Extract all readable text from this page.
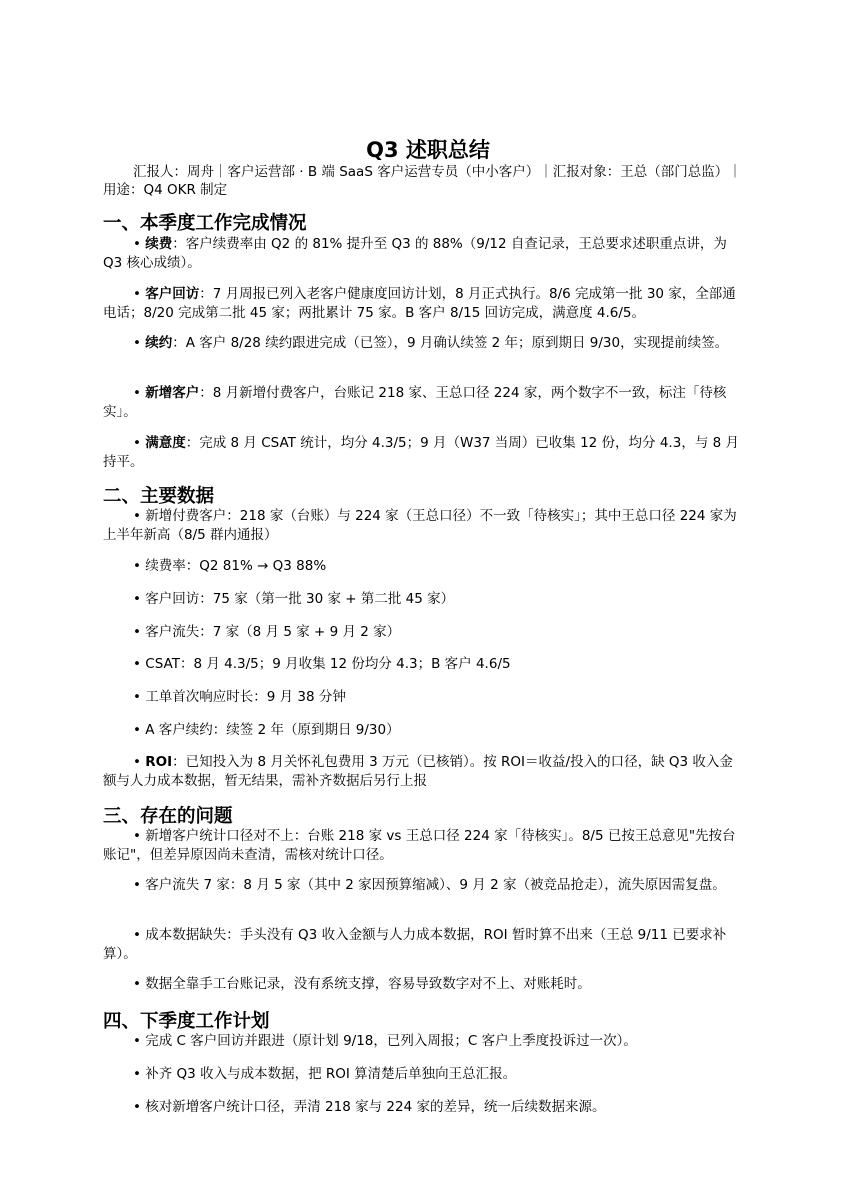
Q3 述职总结

汇报人：周舟｜客户运营部 · B 端 SaaS 客户运营专员（中小客户）｜汇报对象：王总（部门总监）｜用途：Q4 OKR 制定

一、本季度工作完成情况

• 续费：客户续费率由 Q2 的 81% 提升至 Q3 的 88%（9/12 自查记录，王总要求述职重点讲，为 Q3 核心成绩）。

• 客户回访：7 月周报已列入老客户健康度回访计划，8 月正式执行。8/6 完成第一批 30 家，全部通电话；8/20 完成第二批 45 家；两批累计 75 家。B 客户 8/15 回访完成，满意度 4.6/5。

• 续约：A 客户 8/28 续约跟进完成（已签），9 月确认续签 2 年；原到期日 9/30，实现提前续签。

• 新增客户：8 月新增付费客户，台账记 218 家、王总口径 224 家，两个数字不一致，标注「待核实」。

• 满意度：完成 8 月 CSAT 统计，均分 4.3/5；9 月（W37 当周）已收集 12 份，均分 4.3，与 8 月持平。

二、主要数据

• 新增付费客户：218 家（台账）与 224 家（王总口径）不一致「待核实」；其中王总口径 224 家为上半年新高（8/5 群内通报）

• 续费率：Q2 81% → Q3 88%

• 客户回访：75 家（第一批 30 家 + 第二批 45 家）

• 客户流失：7 家（8 月 5 家 + 9 月 2 家）

• CSAT：8 月 4.3/5；9 月收集 12 份均分 4.3；B 客户 4.6/5

• 工单首次响应时长：9 月 38 分钟

• A 客户续约：续签 2 年（原到期日 9/30）

• ROI：已知投入为 8 月关怀礼包费用 3 万元（已核销）。按 ROI＝收益/投入的口径，缺 Q3 收入金额与人力成本数据，暂无结果，需补齐数据后另行上报

三、存在的问题

• 新增客户统计口径对不上：台账 218 家 vs 王总口径 224 家「待核实」。8/5 已按王总意见"先按台账记"，但差异原因尚未查清，需核对统计口径。

• 客户流失 7 家：8 月 5 家（其中 2 家因预算缩减）、9 月 2 家（被竞品抢走），流失原因需复盘。

• 成本数据缺失：手头没有 Q3 收入金额与人力成本数据，ROI 暂时算不出来（王总 9/11 已要求补算）。

• 数据全靠手工台账记录，没有系统支撑，容易导致数字对不上、对账耗时。

四、下季度工作计划

• 完成 C 客户回访并跟进（原计划 9/18，已列入周报；C 客户上季度投诉过一次）。

• 补齐 Q3 收入与成本数据，把 ROI 算清楚后单独向王总汇报。

• 核对新增客户统计口径，弄清 218 家与 224 家的差异，统一后续数据来源。
